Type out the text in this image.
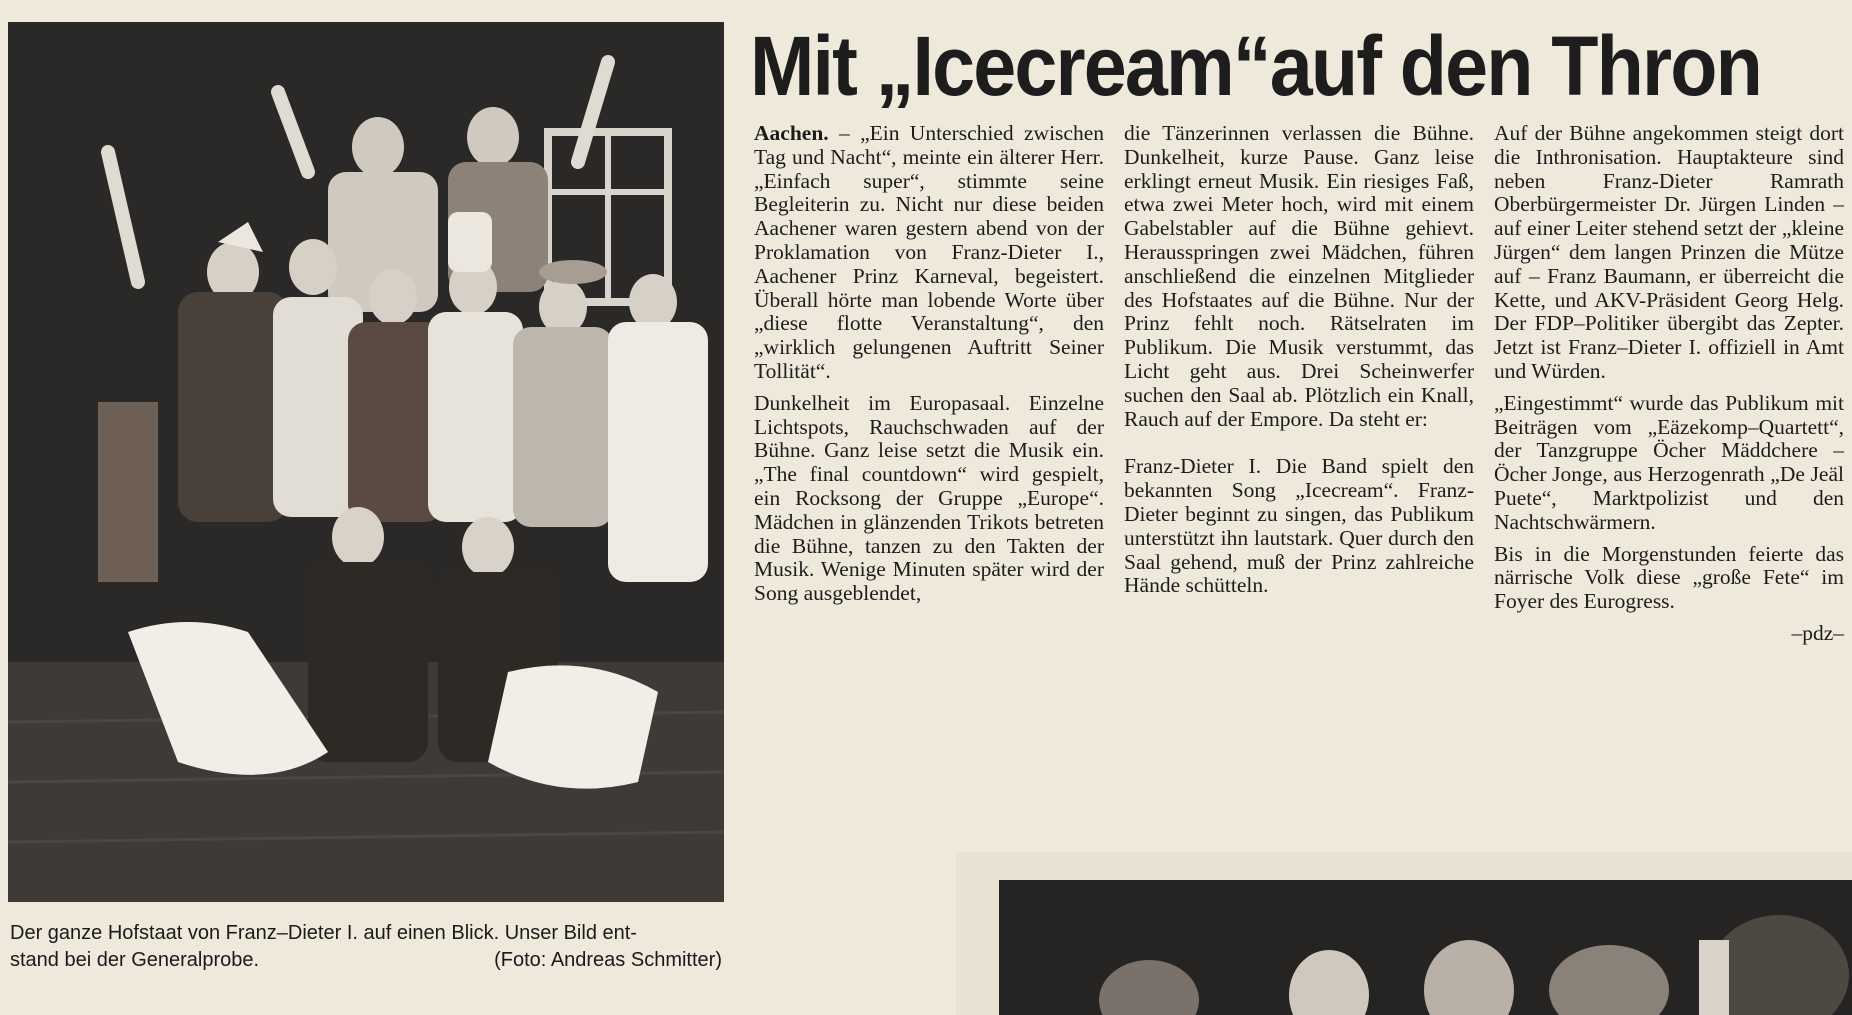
Der ganze Hofstaat von Franz–Dieter I. auf einen Blick. Unser Bild ent-
stand bei der Generalprobe.	(Foto: Andreas Schmitter)
Mit „Icecream“auf den Thron

Aachen. – „Ein Unterschied zwischen Tag und Nacht“, meinte ein älterer Herr. „Einfach super“, stimmte seine Begleiterin zu. Nicht nur diese beiden Aachener waren gestern abend von der Proklamation von Franz-Dieter I., Aachener Prinz Karneval, begeistert. Überall hörte man lobende Worte über „diese flotte Veranstaltung“, den „wirklich gelungenen Auftritt Seiner Tollität“.

Dunkelheit im Europasaal. Einzelne Lichtspots, Rauchschwaden auf der Bühne. Ganz leise setzt die Musik ein. „The final countdown“ wird gespielt, ein Rocksong der Gruppe „Europe“. Mädchen in glänzenden Trikots betreten die Bühne, tanzen zu den Takten der Musik. Wenige Minuten später wird der Song ausgeblendet,

die Tänzerinnen verlassen die Bühne. Dunkelheit, kurze Pause. Ganz leise erklingt erneut Musik. Ein riesiges Faß, etwa zwei Meter hoch, wird mit einem Gabelstabler auf die Bühne gehievt. Herausspringen zwei Mädchen, führen anschließend die einzelnen Mitglieder des Hofstaates auf die Bühne. Nur der Prinz fehlt noch. Rätselraten im Publikum. Die Musik verstummt, das Licht geht aus. Drei Scheinwerfer suchen den Saal ab. Plötzlich ein Knall, Rauch auf der Empore. Da steht er:

Franz-Dieter I. Die Band spielt den bekannten Song „Icecream“. Franz-Dieter beginnt zu singen, das Publikum unterstützt ihn lautstark. Quer durch den Saal gehend, muß der Prinz zahlreiche Hände schütteln.

Auf der Bühne angekommen steigt dort die Inthronisation. Hauptakteure sind neben Franz-Dieter Ramrath Oberbürgermeister Dr. Jürgen Linden – auf einer Leiter stehend setzt der „kleine Jürgen“ dem langen Prinzen die Mütze auf – Franz Baumann, er überreicht die Kette, und AKV-Präsident Georg Helg. Der FDP–Politiker übergibt das Zepter. Jetzt ist Franz–Dieter I. offiziell in Amt und Würden.

„Eingestimmt“ wurde das Publikum mit Beiträgen vom „Eäzekomp–Quartett“, der Tanzgruppe Öcher Mäddchere – Öcher Jonge, aus Herzogenrath „De Jeäl Puete“, Marktpolizist und den Nachtschwärmern.

Bis in die Morgenstunden feierte das närrische Volk diese „große Fete“ im Foyer des Eurogress.

–pdz–
